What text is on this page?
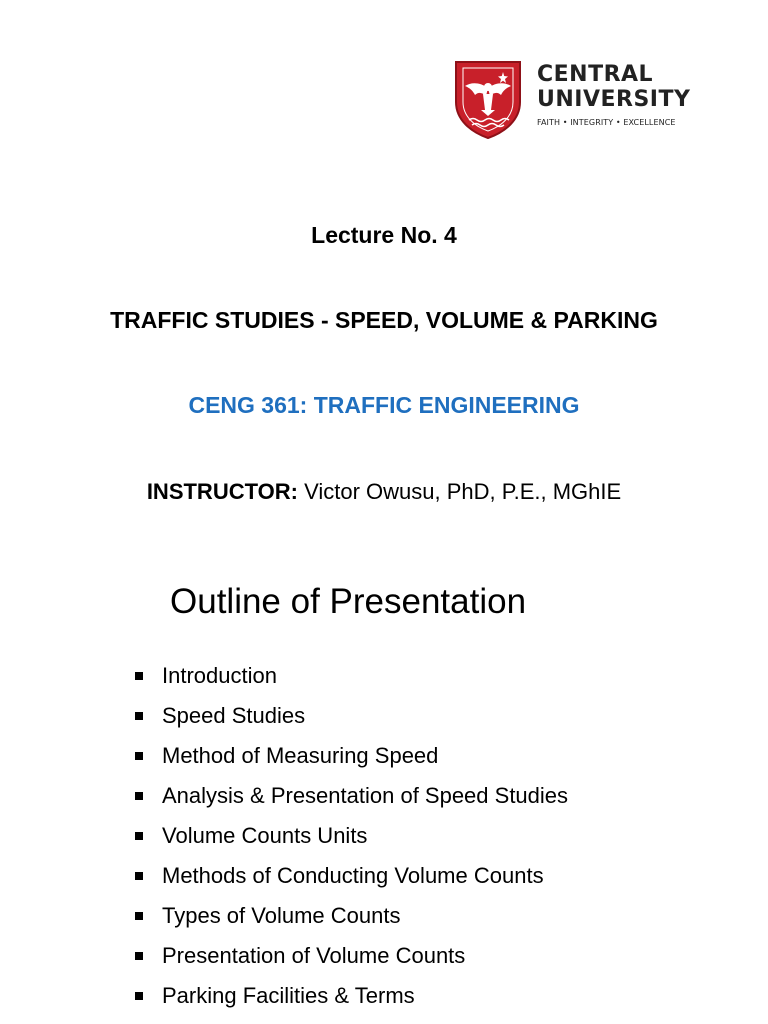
CENTRAL
UNIVERSITY
FAITH • INTEGRITY • EXCELLENCE
Lecture No. 4
TRAFFIC STUDIES - SPEED, VOLUME & PARKING
CENG 361: TRAFFIC ENGINEERING
INSTRUCTOR: Victor Owusu, PhD, P.E., MGhIE
Outline of Presentation
Introduction
Speed Studies
Method of Measuring Speed
Analysis & Presentation of Speed Studies
Volume Counts Units
Methods of Conducting Volume Counts
Types of Volume Counts
Presentation of Volume Counts
Parking Facilities & Terms
